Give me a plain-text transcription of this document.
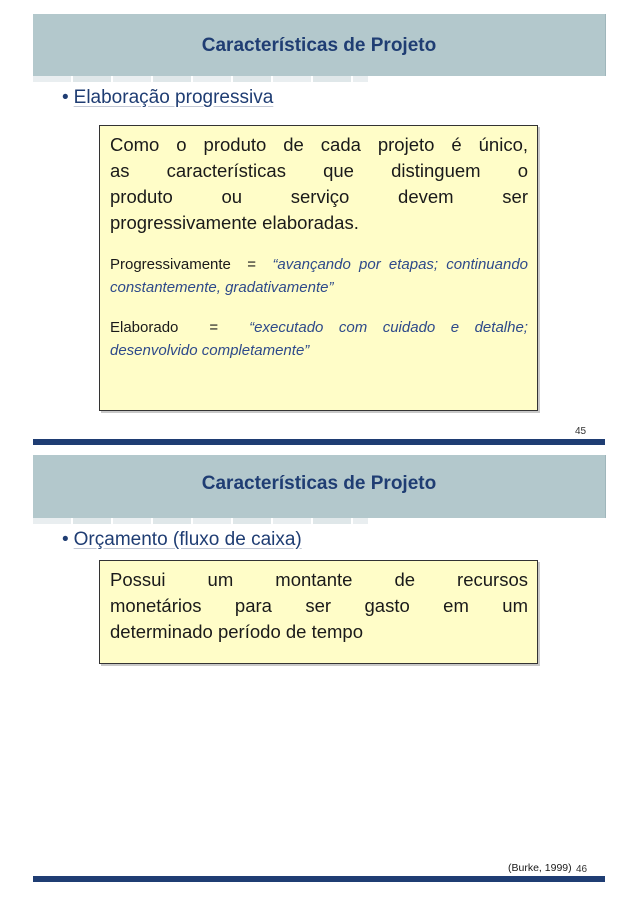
Características de Projeto
• Elaboração progressiva
Como o produto de cada projeto é único,
as características que distinguem o
produto ou serviço devem ser
progressivamente elaboradas.
Progressivamente = “avançando por etapas; continuando constantemente, gradativamente”
Elaborado = “executado com cuidado e detalhe; desenvolvido completamente”
45
Características de Projeto
• Orçamento (fluxo de caixa)
Possui um montante de recursos
monetários para ser gasto em um
determinado período de tempo
(Burke, 1999) 46
